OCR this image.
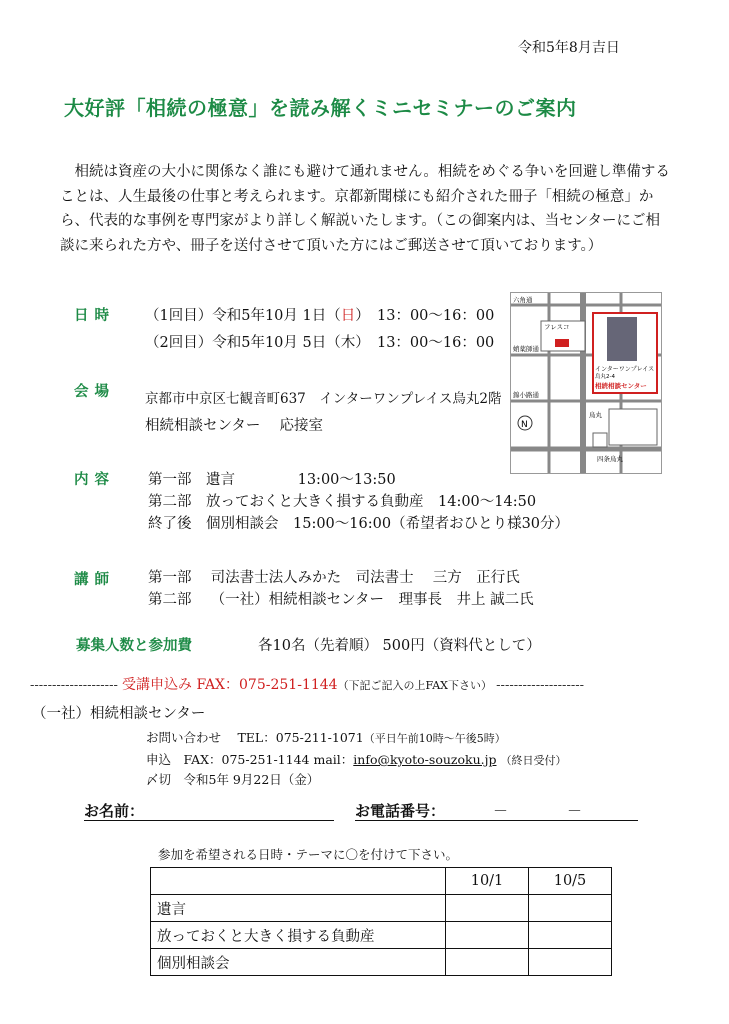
令和5年8月吉日
大好評「相続の極意」を読み解くミニセミナーのご案内
相続は資産の大小に関係なく誰にも避けて通れません。相続をめぐる争いを回避し準備することは、人生最後の仕事と考えられます。京都新聞様にも紹介された冊子「相続の極意」から、代表的な事例を専門家がより詳しく解説いたします。（この御案内は、当センターにご相談に来られた方や、冊子を送付させて頂いた方にはご郵送させて頂いております。）
日時 （1回目）令和5年10月 1日（日）　13：00～16：00
（2回目）令和5年10月 5日（木）　13：00～16：00
会場 京都市中京区七観音町637　インターワンプレイス烏丸2階
相続相談センター　 応接室	N
六角通
蛸薬師通
錦小路通
四条烏丸
フレスコ
インターワンプレイス
烏丸2-4
相続相談センター
烏丸
内容 第一部　 遺言　　　　 13:00～13:50
第二部　 放っておくと大きく損する負動産　14:00～14:50
終了後　 個別相談会　15:00～16:00（希望者おひとり様30分）
講師 第一部　 司法書士法人みかた　司法書士　 三方　正行氏
第二部　 （一社）相続相談センター　理事長　井上 誠二氏
募集人数と参加費	各10名（先着順） 500円（資料代として）
-------------------- 受講申込み FAX：075-251-1144（下記ご記入の上FAX下さい） --------------------
（一社）相続相談センター
お問い合わせ　 TEL：075-211-1071（平日午前10時～午後5時）
申込　FAX：075-251-1144 mail：info@kyoto-souzoku.jp （終日受付）
〆切　令和5年 9月22日（金）
お名前：	お電話番号：	－	－
参加を希望される日時・テーマに〇を付けて下さい。
	10/1	10/5
遺言		
放っておくと大きく損する負動産		
個別相談会		
